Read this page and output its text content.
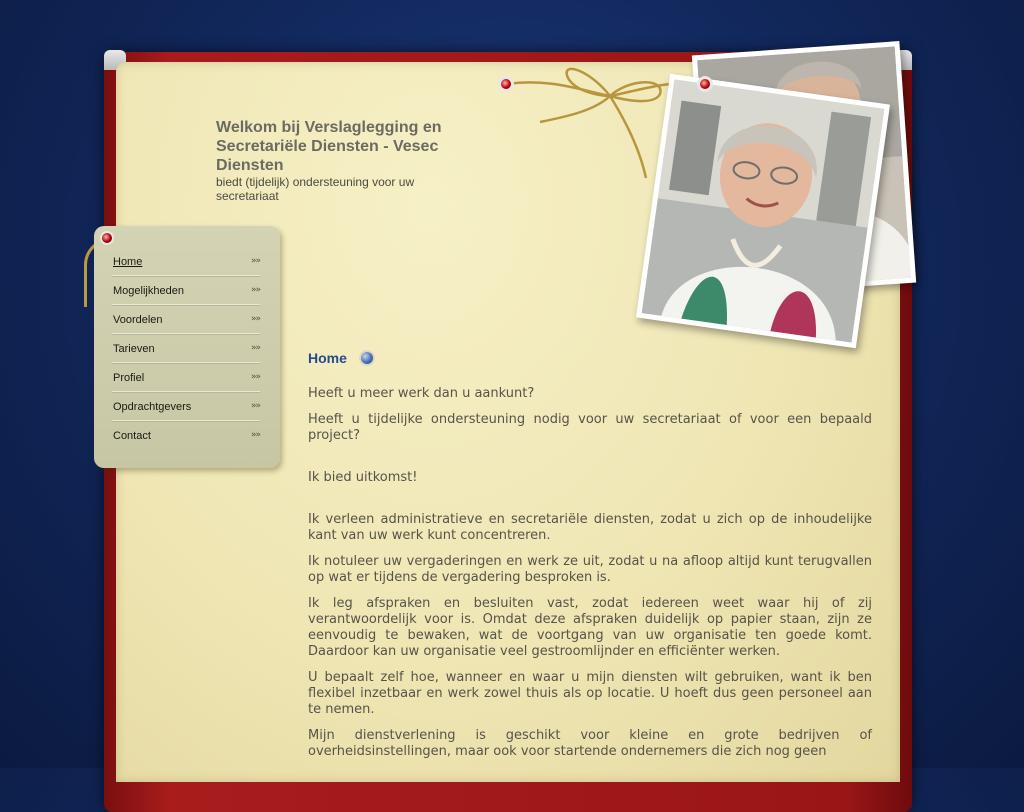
Welkom bij Verslaglegging en Secretariële Diensten - Vesec Diensten

biedt (tijdelijk) ondersteuning voor uw secretariaat

Home	»»
Mogelijkheden	»»
Voordelen	»»
Tarieven	»»
Profiel	»»
Opdrachtgevers	»»
Contact	»»
Home

Heeft u meer werk dan u aankunt?

Heeft u tijdelijke ondersteuning nodig voor uw secretariaat of voor een bepaald project?

Ik bied uitkomst!

Ik verleen administratieve en secretariële diensten, zodat u zich op de inhoudelijke kant van uw werk kunt concentreren.

Ik notuleer uw vergaderingen en werk ze uit, zodat u na afloop altijd kunt terugvallen op wat er tijdens de vergadering besproken is.

Ik leg afspraken en besluiten vast, zodat iedereen weet waar hij of zij verantwoordelijk voor is. Omdat deze afspraken duidelijk op papier staan, zijn ze eenvoudig te bewaken, wat de voortgang van uw organisatie ten goede komt. Daardoor kan uw organisatie veel gestroomlijnder en efficiënter werken.

U bepaalt zelf hoe, wanneer en waar u mijn diensten wilt gebruiken, want ik ben flexibel inzetbaar en werk zowel thuis als op locatie. U hoeft dus geen personeel aan te nemen.

Mijn dienstverlening is geschikt voor kleine en grote bedrijven of overheidsinstellingen, maar ook voor startende ondernemers die zich nog geen
